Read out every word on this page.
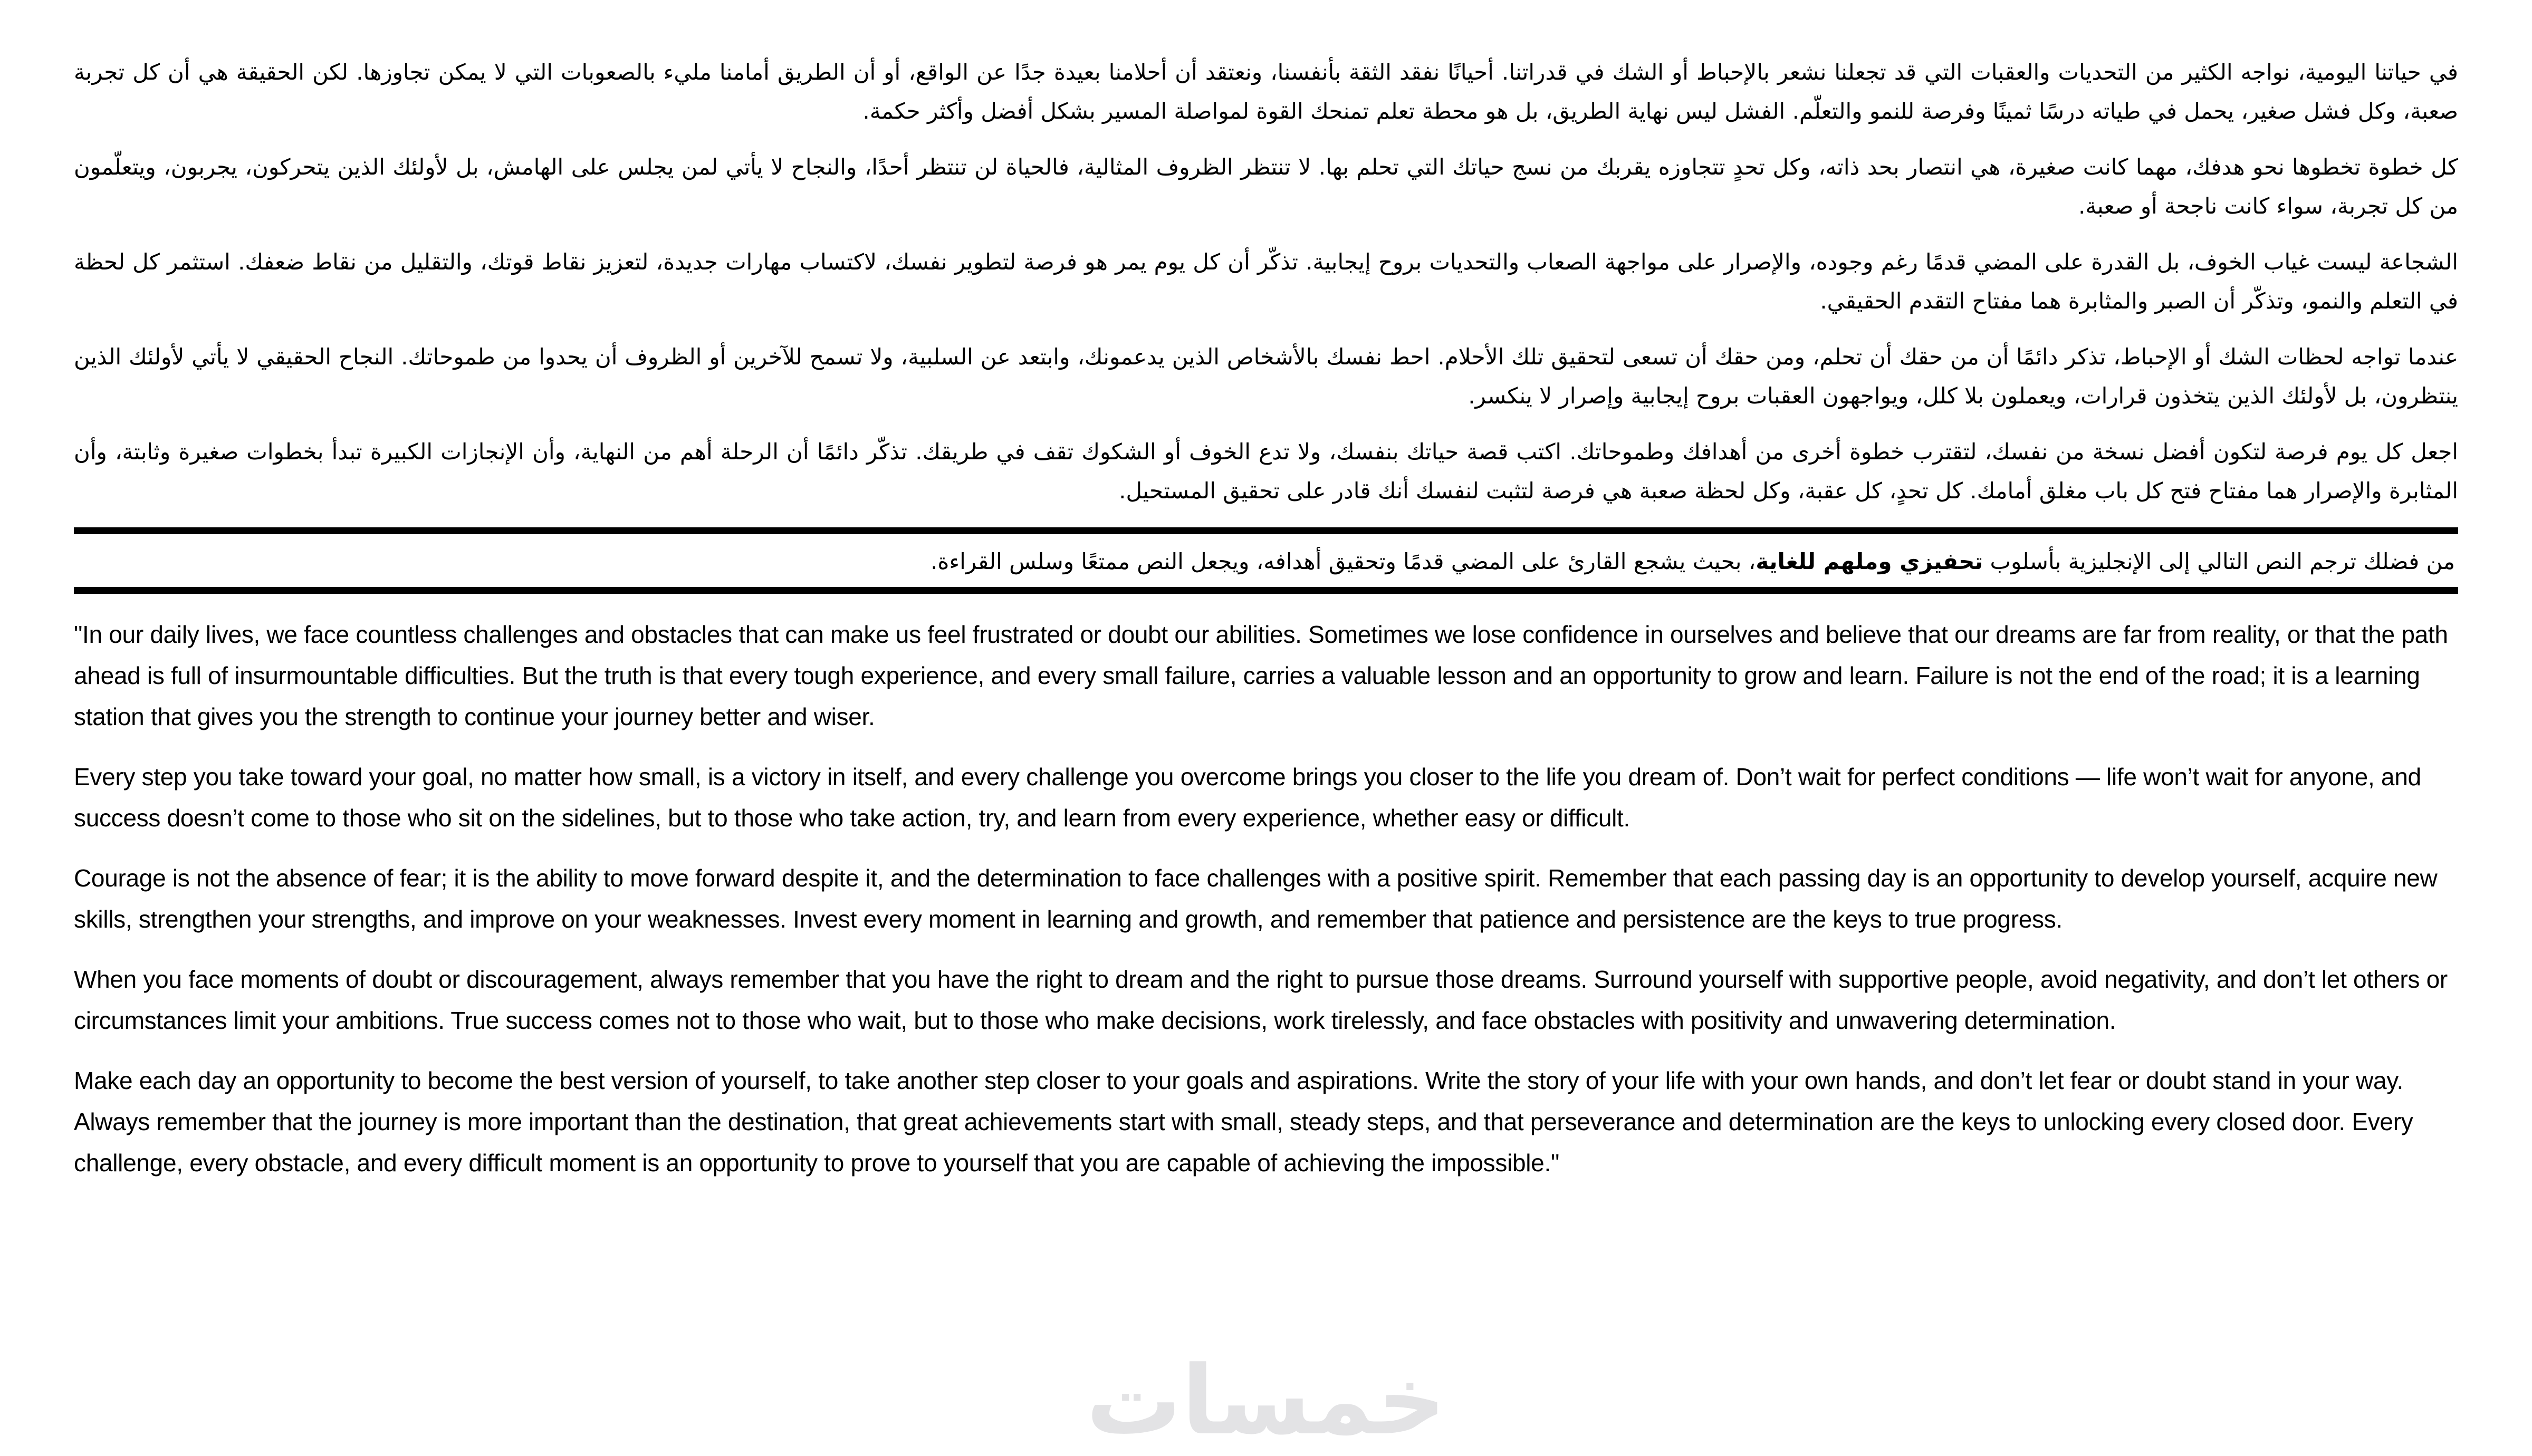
في حياتنا اليومية، نواجه الكثير من التحديات والعقبات التي قد تجعلنا نشعر بالإحباط أو الشك في قدراتنا. أحيانًا نفقد الثقة بأنفسنا، ونعتقد أن أحلامنا بعيدة جدًا عن الواقع، أو أن الطريق أمامنا مليء بالصعوبات التي لا يمكن تجاوزها. لكن الحقيقة هي أن كل تجربة صعبة، وكل فشل صغير، يحمل في طياته درسًا ثمينًا وفرصة للنمو والتعلّم. الفشل ليس نهاية الطريق، بل هو محطة تعلم تمنحك القوة لمواصلة المسير بشكل أفضل وأكثر حكمة.

كل خطوة تخطوها نحو هدفك، مهما كانت صغيرة، هي انتصار بحد ذاته، وكل تحدٍ تتجاوزه يقربك من نسج حياتك التي تحلم بها. لا تنتظر الظروف المثالية، فالحياة لن تنتظر أحدًا، والنجاح لا يأتي لمن يجلس على الهامش، بل لأولئك الذين يتحركون، يجربون، ويتعلّمون من كل تجربة، سواء كانت ناجحة أو صعبة.

الشجاعة ليست غياب الخوف، بل القدرة على المضي قدمًا رغم وجوده، والإصرار على مواجهة الصعاب والتحديات بروح إيجابية. تذكّر أن كل يوم يمر هو فرصة لتطوير نفسك، لاكتساب مهارات جديدة، لتعزيز نقاط قوتك، والتقليل من نقاط ضعفك. استثمر كل لحظة في التعلم والنمو، وتذكّر أن الصبر والمثابرة هما مفتاح التقدم الحقيقي.

عندما تواجه لحظات الشك أو الإحباط، تذكر دائمًا أن من حقك أن تحلم، ومن حقك أن تسعى لتحقيق تلك الأحلام. احط نفسك بالأشخاص الذين يدعمونك، وابتعد عن السلبية، ولا تسمح للآخرين أو الظروف أن يحدوا من طموحاتك. النجاح الحقيقي لا يأتي لأولئك الذين ينتظرون، بل لأولئك الذين يتخذون قرارات، ويعملون بلا كلل، ويواجهون العقبات بروح إيجابية وإصرار لا ينكسر.

اجعل كل يوم فرصة لتكون أفضل نسخة من نفسك، لتقترب خطوة أخرى من أهدافك وطموحاتك. اكتب قصة حياتك بنفسك، ولا تدع الخوف أو الشكوك تقف في طريقك. تذكّر دائمًا أن الرحلة أهم من النهاية، وأن الإنجازات الكبيرة تبدأ بخطوات صغيرة وثابتة، وأن المثابرة والإصرار هما مفتاح فتح كل باب مغلق أمامك. كل تحدٍ، كل عقبة، وكل لحظة صعبة هي فرصة لتثبت لنفسك أنك قادر على تحقيق المستحيل.

من فضلك ترجم النص التالي إلى الإنجليزية بأسلوب تحفيزي وملهم للغاية، بحيث يشجع القارئ على المضي قدمًا وتحقيق أهدافه، ويجعل النص ممتعًا وسلس القراءة.

"In our daily lives, we face countless challenges and obstacles that can make us feel frustrated or doubt our abilities. Sometimes we lose confidence in ourselves and believe that our dreams are far from reality, or that the path ahead is full of insurmountable difficulties. But the truth is that every tough experience, and every small failure, carries a valuable lesson and an opportunity to grow and learn. Failure is not the end of the road; it is a learning station that gives you the strength to continue your journey better and wiser.

Every step you take toward your goal, no matter how small, is a victory in itself, and every challenge you overcome brings you closer to the life you dream of. Don’t wait for perfect conditions — life won’t wait for anyone, and success doesn’t come to those who sit on the sidelines, but to those who take action, try, and learn from every experience, whether easy or difficult.

Courage is not the absence of fear; it is the ability to move forward despite it, and the determination to face challenges with a positive spirit. Remember that each passing day is an opportunity to develop yourself, acquire new skills, strengthen your strengths, and improve on your weaknesses. Invest every moment in learning and growth, and remember that patience and persistence are the keys to true progress.

When you face moments of doubt or discouragement, always remember that you have the right to dream and the right to pursue those dreams. Surround yourself with supportive people, avoid negativity, and don’t let others or circumstances limit your ambitions. True success comes not to those who wait, but to those who make decisions, work tirelessly, and face obstacles with positivity and unwavering determination.

Make each day an opportunity to become the best version of yourself, to take another step closer to your goals and aspirations. Write the story of your life with your own hands, and don’t let fear or doubt stand in your way. Always remember that the journey is more important than the destination, that great achievements start with small, steady steps, and that perseverance and determination are the keys to unlocking every closed door. Every challenge, every obstacle, and every difficult moment is an opportunity to prove to yourself that you are capable of achieving the impossible."

خمسات
